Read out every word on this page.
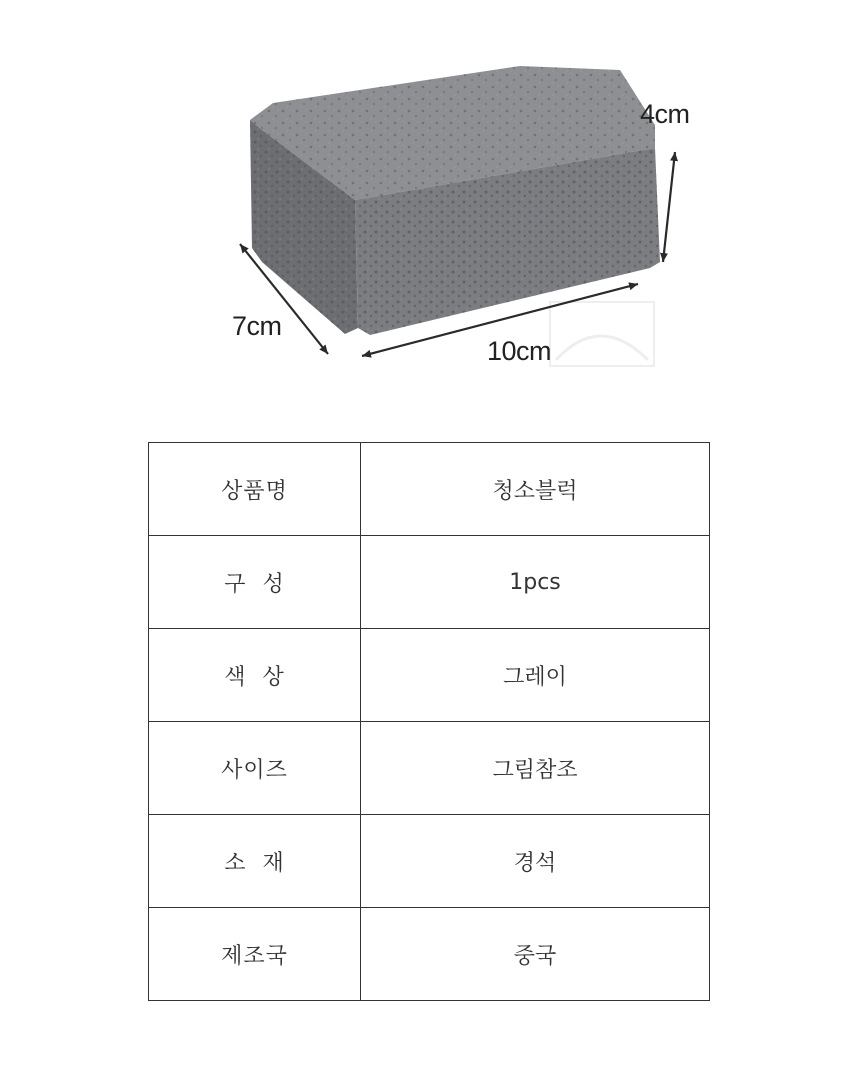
4cm
7cm
10cm
상품명	청소블럭
구  성	1pcs
색  상	그레이
사이즈	그림참조
소  재	경석
제조국	중국
